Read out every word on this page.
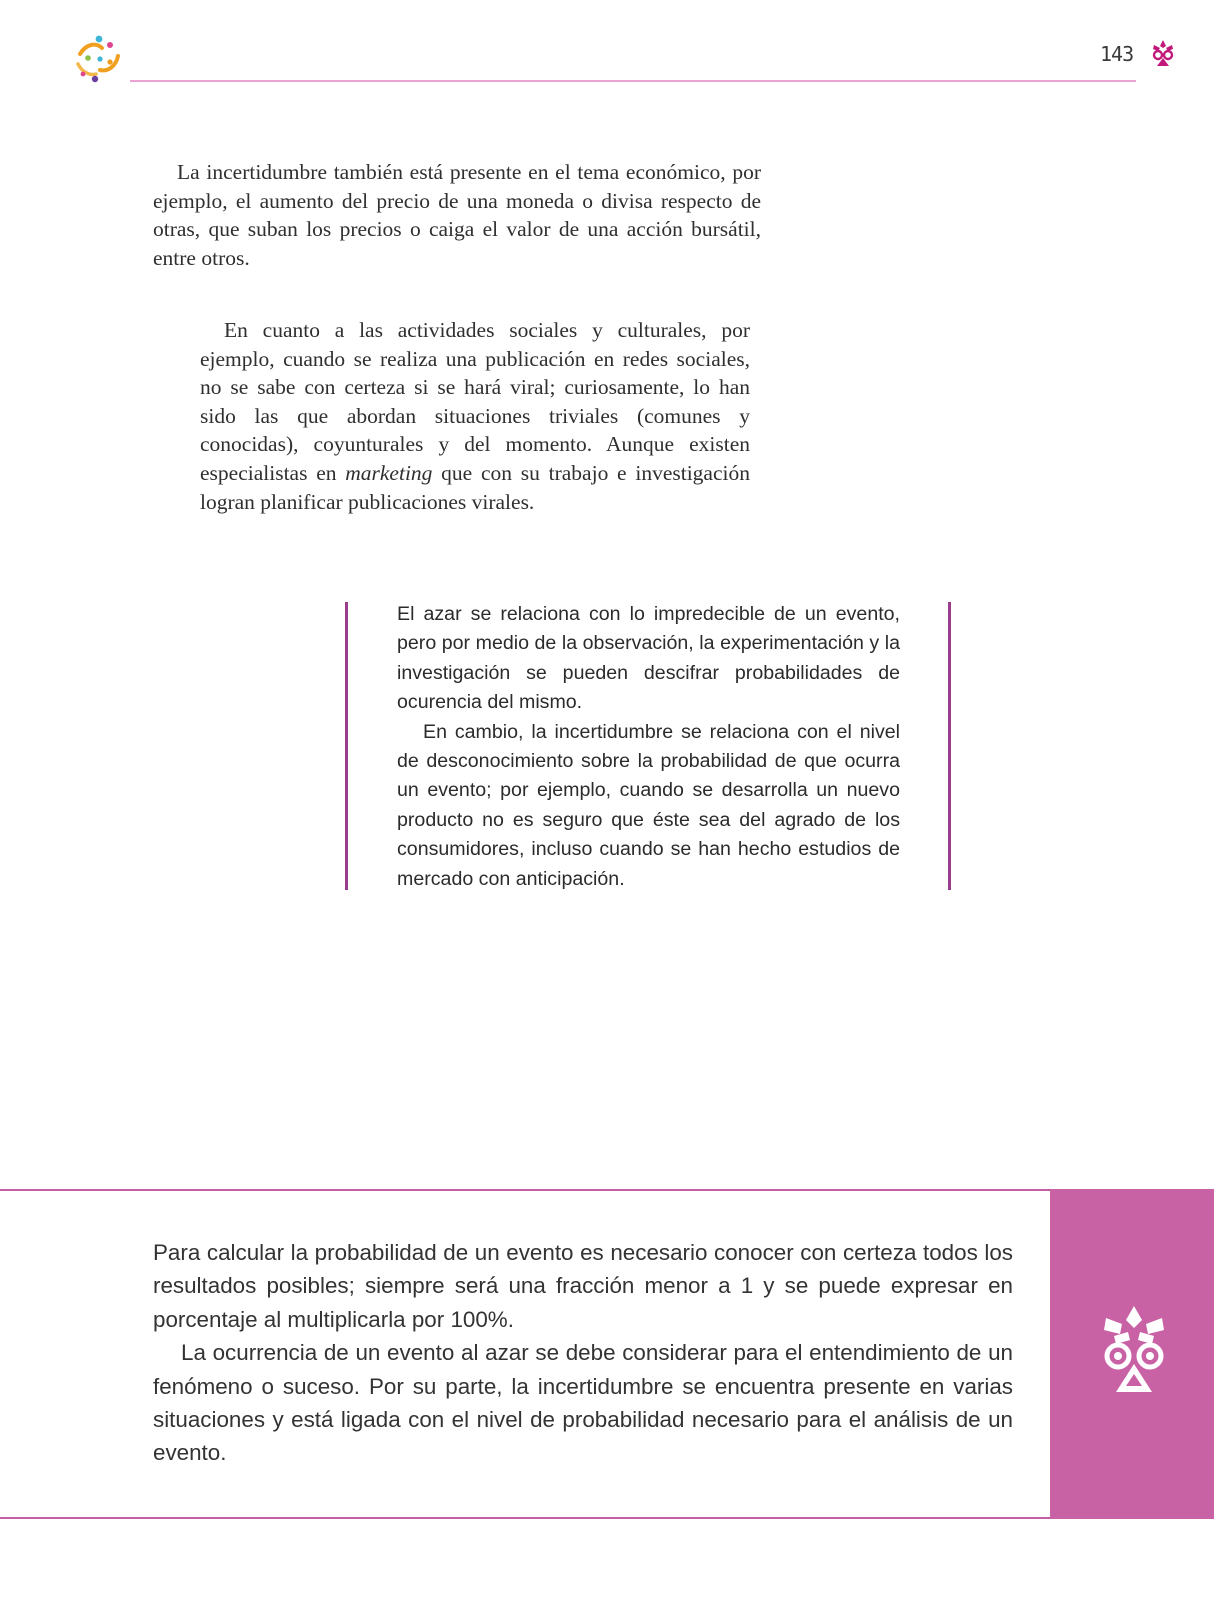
143

La incertidumbre también está presente en el tema económico, por ejemplo, el aumento del precio de una moneda o divisa respecto de otras, que suban los precios o caiga el valor de una acción bursátil, entre otros.

En cuanto a las actividades sociales y culturales, por ejemplo, cuando se realiza una publicación en redes sociales, no se sabe con certeza si se hará viral; curiosamente, lo han sido las que abordan situaciones triviales (comunes y conocidas), coyunturales y del momento. Aunque existen especialistas en marketing que con su trabajo e investigación logran planificar publicaciones virales.

El azar se relaciona con lo impredecible de un evento, pero por medio de la observación, la experimentación y la investigación se pueden descifrar probabilidades de ocurencia del mismo.

En cambio, la incertidumbre se relaciona con el nivel de desconocimiento sobre la probabilidad de que ocurra un evento; por ejemplo, cuando se desarrolla un nuevo producto no es seguro que éste sea del agrado de los consumidores, incluso cuando se han hecho estudios de mercado con anticipación.

Para calcular la probabilidad de un evento es necesario conocer con certeza todos los resultados posibles; siempre será una fracción menor a 1 y se puede expresar en porcentaje al multiplicarla por 100%.

La ocurrencia de un evento al azar se debe considerar para el entendimiento de un fenómeno o suceso. Por su parte, la incertidumbre se encuentra presente en varias situaciones y está ligada con el nivel de probabilidad necesario para el análisis de un evento.
